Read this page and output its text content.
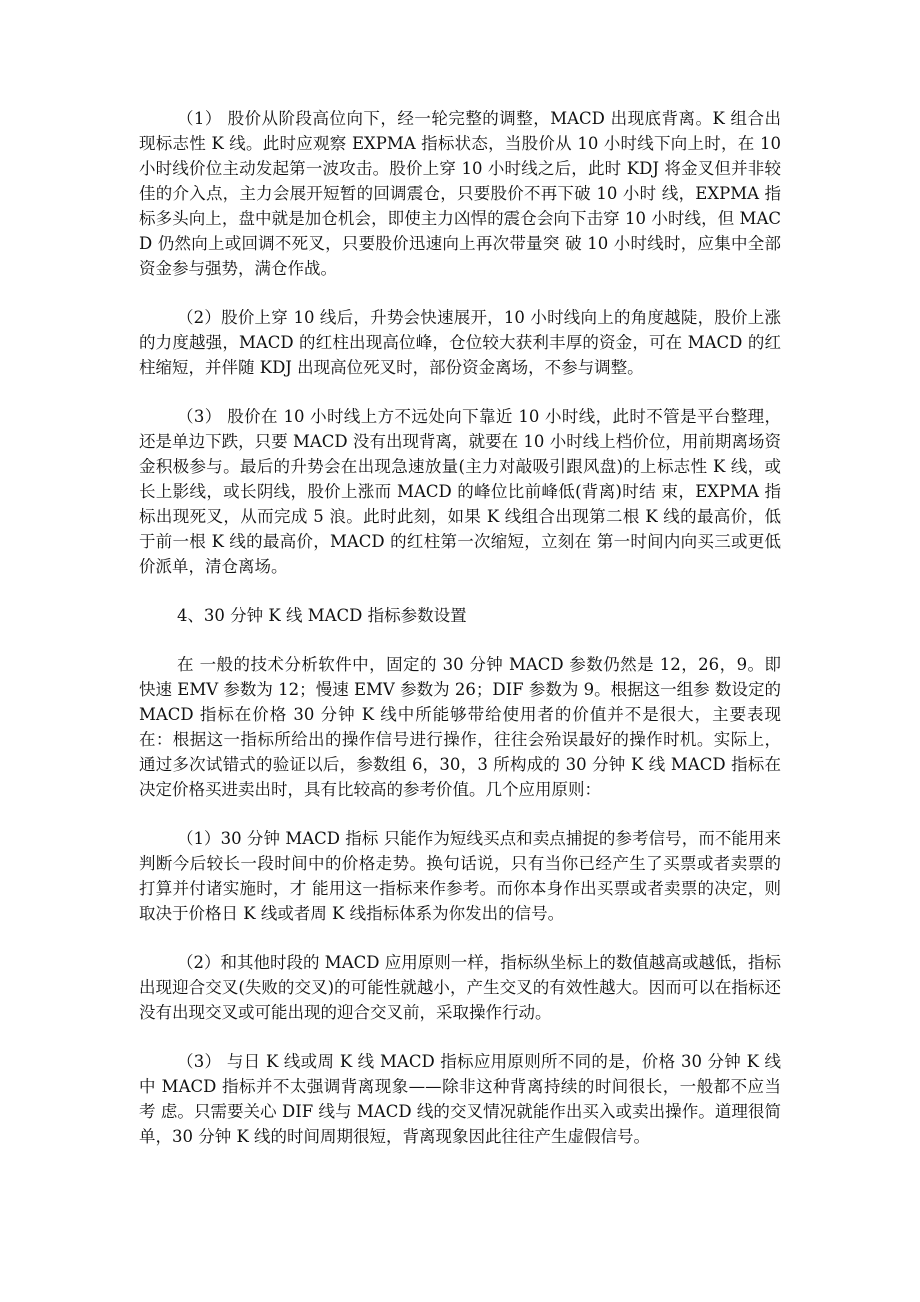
（1） 股价从阶段高位向下，经一轮完整的调整，MACD 出现底背离。K 组合出现标志性 K 线。此时应观察 EXPMA 指标状态，当股价从 10 小时线下向上时，在 10 小时线价位主动发起第一波攻击。股价上穿 10 小时线之后，此时 KDJ 将金叉但并非较佳的介入点，主力会展开短暂的回调震仓，只要股价不再下破 10 小时 线，EXPMA 指标多头向上，盘中就是加仓机会，即使主力凶悍的震仓会向下击穿 10 小时线，但 MACD 仍然向上或回调不死叉，只要股价迅速向上再次带量突 破 10 小时线时，应集中全部资金参与强势，满仓作战。

（2）股价上穿 10 线后，升势会快速展开，10 小时线向上的角度越陡，股价上涨的力度越强，MACD 的红柱出现高位峰，仓位较大获利丰厚的资金，可在 MACD 的红柱缩短，并伴随 KDJ 出现高位死叉时，部份资金离场，不参与调整。

（3） 股价在 10 小时线上方不远处向下靠近 10 小时线，此时不管是平台整理，还是单边下跌，只要 MACD 没有出现背离，就要在 10 小时线上档价位，用前期离场资 金积极参与。最后的升势会在出现急速放量(主力对敲吸引跟风盘)的上标志性 K 线，或长上影线，或长阴线，股价上涨而 MACD 的峰位比前峰低(背离)时结 束，EXPMA 指标出现死叉，从而完成 5 浪。此时此刻，如果 K 线组合出现第二根 K 线的最高价，低于前一根 K 线的最高价，MACD 的红柱第一次缩短，立刻在 第一时间内向买三或更低价派单，清仓离场。

4、30 分钟 K 线 MACD 指标参数设置

在 一般的技术分析软件中，固定的 30 分钟 MACD 参数仍然是 12，26，9。即快速 EMV 参数为 12；慢速 EMV 参数为 26；DIF 参数为 9。根据这一组参 数设定的 MACD 指标在价格 30 分钟 K 线中所能够带给使用者的价值并不是很大，主要表现在：根据这一指标所给出的操作信号进行操作，往往会殆误最好的操作时机。实际上，通过多次试错式的验证以后，参数组 6，30，3 所构成的 30 分钟 K 线 MACD 指标在决定价格买进卖出时，具有比较高的参考价值。几个应用原则：

（1）30 分钟 MACD 指标 只能作为短线买点和卖点捕捉的参考信号，而不能用来判断今后较长一段时间中的价格走势。换句话说，只有当你已经产生了买票或者卖票的打算并付诸实施时，才 能用这一指标来作参考。而你本身作出买票或者卖票的决定，则取决于价格日 K 线或者周 K 线指标体系为你发出的信号。

（2）和其他时段的 MACD 应用原则一样，指标纵坐标上的数值越高或越低，指标出现迎合交叉(失败的交叉)的可能性就越小，产生交叉的有效性越大。因而可以在指标还没有出现交叉或可能出现的迎合交叉前，采取操作行动。

（3） 与日 K 线或周 K 线 MACD 指标应用原则所不同的是，价格 30 分钟 K 线中 MACD 指标并不太强调背离现象——除非这种背离持续的时间很长，一般都不应当考 虑。只需要关心 DIF 线与 MACD 线的交叉情况就能作出买入或卖出操作。道理很简单，30 分钟 K 线的时间周期很短，背离现象因此往往产生虚假信号。
